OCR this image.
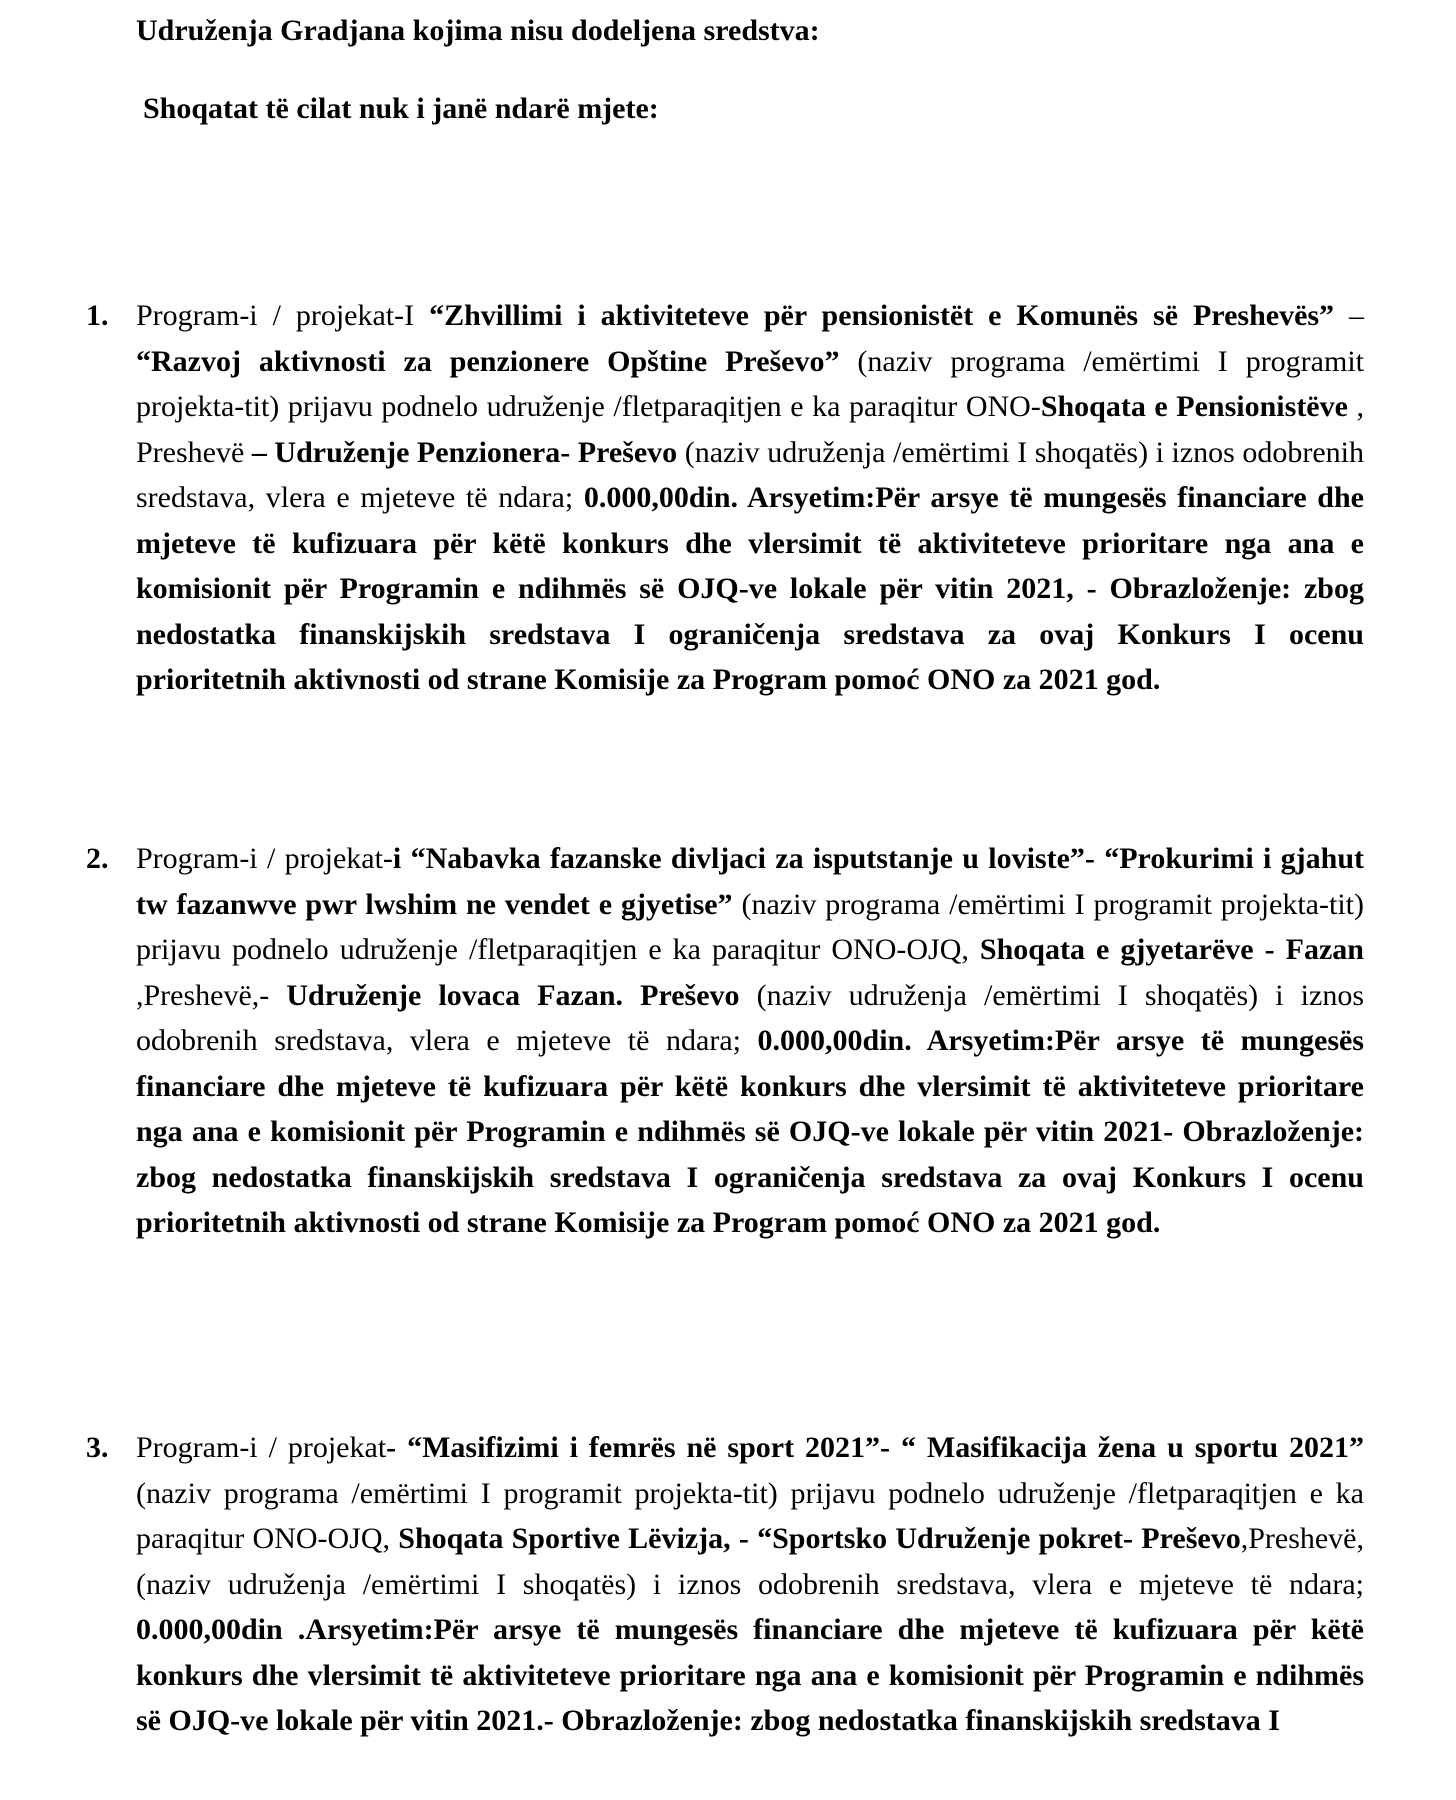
Udruženja Gradjana kojima nisu dodeljena sredstva:
Shoqatat të cilat nuk i janë ndarë mjete:

1. Program-i / projekat-I “Zhvillimi i aktiviteteve për pensionistët e Komunës së Preshevës” – “Razvoj aktivnosti za penzionere Opštine Preševo” (naziv programa /emërtimi I programit projekta-tit) prijavu podnelo udruženje /fletparaqitjen e ka paraqitur ONO-Shoqata e Pensionistëve , Preshevë – Udruženje Penzionera- Preševo (naziv udruženja /emërtimi I shoqatës) i iznos odobrenih sredstava, vlera e mjeteve të ndara; 0.000,00din. Arsyetim:Për arsye të mungesës financiare dhe mjeteve të kufizuara për këtë konkurs dhe vlersimit të aktiviteteve prioritare nga ana e komisionit për Programin e ndihmës së OJQ-ve lokale për vitin 2021, - Obrazloženje: zbog nedostatka finanskijskih sredstava I ograničenja sredstava za ovaj Konkurs I ocenu prioritetnih aktivnosti od strane Komisije za Program pomoć ONO za 2021 god.

2. Program-i / projekat-i “Nabavka fazanske divljaci za isputstanje u loviste”- “Prokurimi i gjahut tw fazanwve pwr lwshim ne vendet e gjyetise” (naziv programa /emërtimi I programit projekta-tit) prijavu podnelo udruženje /fletparaqitjen e ka paraqitur ONO-OJQ, Shoqata e gjyetarëve - Fazan ,Preshevë,- Udruženje lovaca Fazan. Preševo (naziv udruženja /emërtimi I shoqatës) i iznos odobrenih sredstava, vlera e mjeteve të ndara; 0.000,00din. Arsyetim:Për arsye të mungesës financiare dhe mjeteve të kufizuara për këtë konkurs dhe vlersimit të aktiviteteve prioritare nga ana e komisionit për Programin e ndihmës së OJQ-ve lokale për vitin 2021- Obrazloženje: zbog nedostatka finanskijskih sredstava I ograničenja sredstava za ovaj Konkurs I ocenu prioritetnih aktivnosti od strane Komisije za Program pomoć ONO za 2021 god.

3. Program-i / projekat- “Masifizimi i femrës në sport 2021”- “ Masifikacija žena u sportu 2021” (naziv programa /emërtimi I programit projekta-tit) prijavu podnelo udruženje /fletparaqitjen e ka paraqitur ONO-OJQ, Shoqata Sportive Lëvizja, - “Sportsko Udruženje pokret- Preševo,Preshevë, (naziv udruženja /emërtimi I shoqatës) i iznos odobrenih sredstava, vlera e mjeteve të ndara; 0.000,00din .Arsyetim:Për arsye të mungesës financiare dhe mjeteve të kufizuara për këtë konkurs dhe vlersimit të aktiviteteve prioritare nga ana e komisionit për Programin e ndihmës së OJQ-ve lokale për vitin 2021.- Obrazloženje: zbog nedostatka finanskijskih sredstava I
